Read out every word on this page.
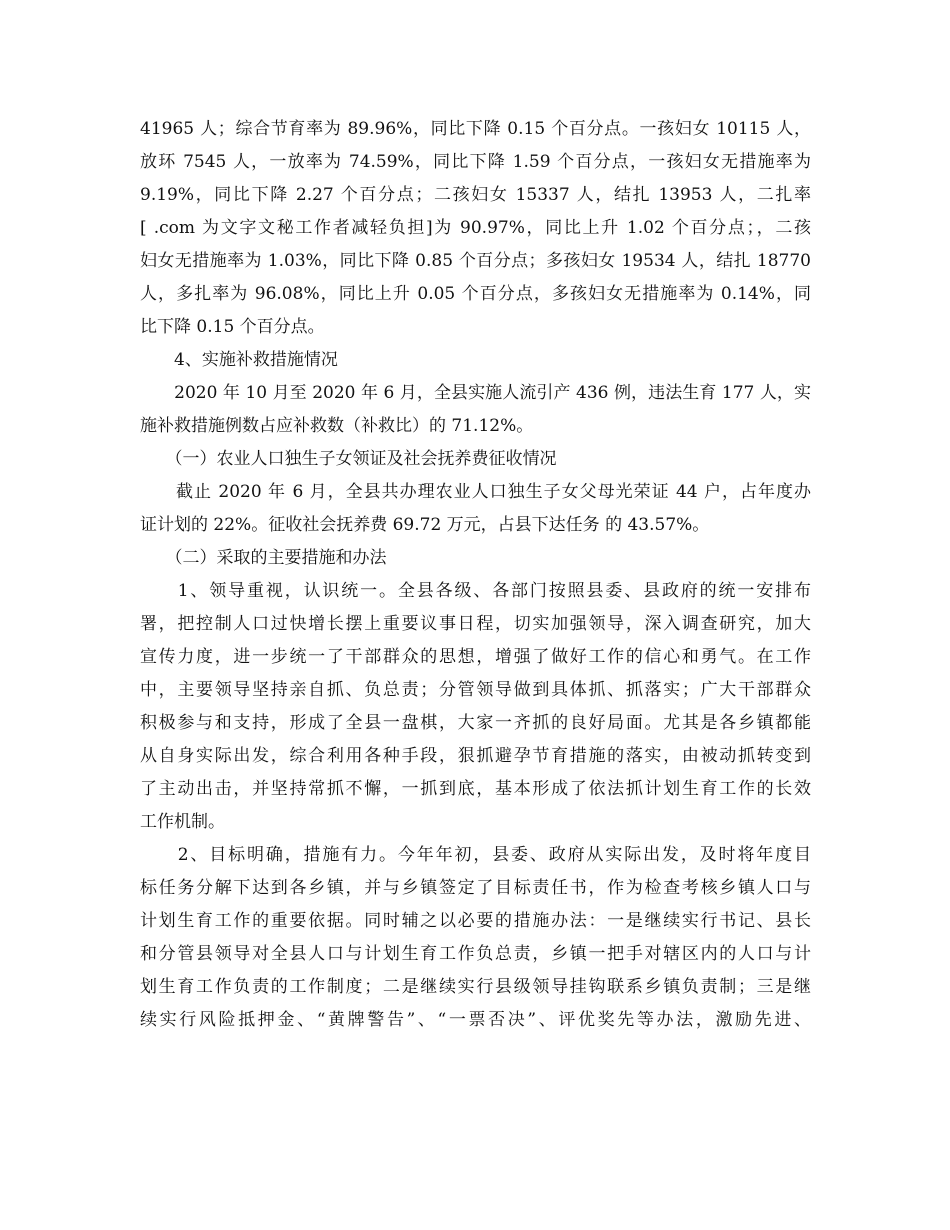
41965 人；综合节育率为 89.96%，同比下降 0.15 个百分点。一孩妇女 10115 人，
放环 7545 人，一放率为 74.59%，同比下降 1.59 个百分点，一孩妇女无措施率为
9.19%，同比下降 2.27 个百分点；二孩妇女 15337 人，结扎 13953 人，二扎率
[ .com 为文字文秘工作者减轻负担]为 90.97%，同比上升 1.02 个百分点；，二孩
妇女无措施率为 1.03%，同比下降 0.85 个百分点；多孩妇女 19534 人，结扎 18770
人，多扎率为 96.08%，同比上升 0.05 个百分点，多孩妇女无措施率为 0.14%，同
比下降 0.15 个百分点。
　　4、实施补救措施情况
　　2020 年 10 月至 2020 年 6 月，全县实施人流引产 436 例，违法生育 177 人，实
施补救措施例数占应补救数（补救比）的 71.12%。
　　（一）农业人口独生子女领证及社会抚养费征收情况
　　截止 2020 年 6 月，全县共办理农业人口独生子女父母光荣证 44 户，占年度办
证计划的 22%。征收社会抚养费 69.72 万元，占县下达任务 的 43.57%。
　　（二）采取的主要措施和办法
　　1、领导重视，认识统一。全县各级、各部门按照县委、县政府的统一安排布
署，把控制人口过快增长摆上重要议事日程，切实加强领导，深入调查研究，加大
宣传力度，进一步统一了干部群众的思想，增强了做好工作的信心和勇气。在工作
中，主要领导坚持亲自抓、负总责；分管领导做到具体抓、抓落实；广大干部群众
积极参与和支持，形成了全县一盘棋，大家一齐抓的良好局面。尤其是各乡镇都能
从自身实际出发，综合利用各种手段，狠抓避孕节育措施的落实，由被动抓转变到
了主动出击，并坚持常抓不懈，一抓到底，基本形成了依法抓计划生育工作的长效
工作机制。
　　2、目标明确，措施有力。今年年初，县委、政府从实际出发，及时将年度目
标任务分解下达到各乡镇，并与乡镇签定了目标责任书，作为检查考核乡镇人口与
计划生育工作的重要依据。同时辅之以必要的措施办法：一是继续实行书记、县长
和分管县领导对全县人口与计划生育工作负总责，乡镇一把手对辖区内的人口与计
划生育工作负责的工作制度；二是继续实行县级领导挂钩联系乡镇负责制；三是继
续实行风险抵押金、“黄牌警告”、“一票否决”、评优奖先等办法，激励先进、
